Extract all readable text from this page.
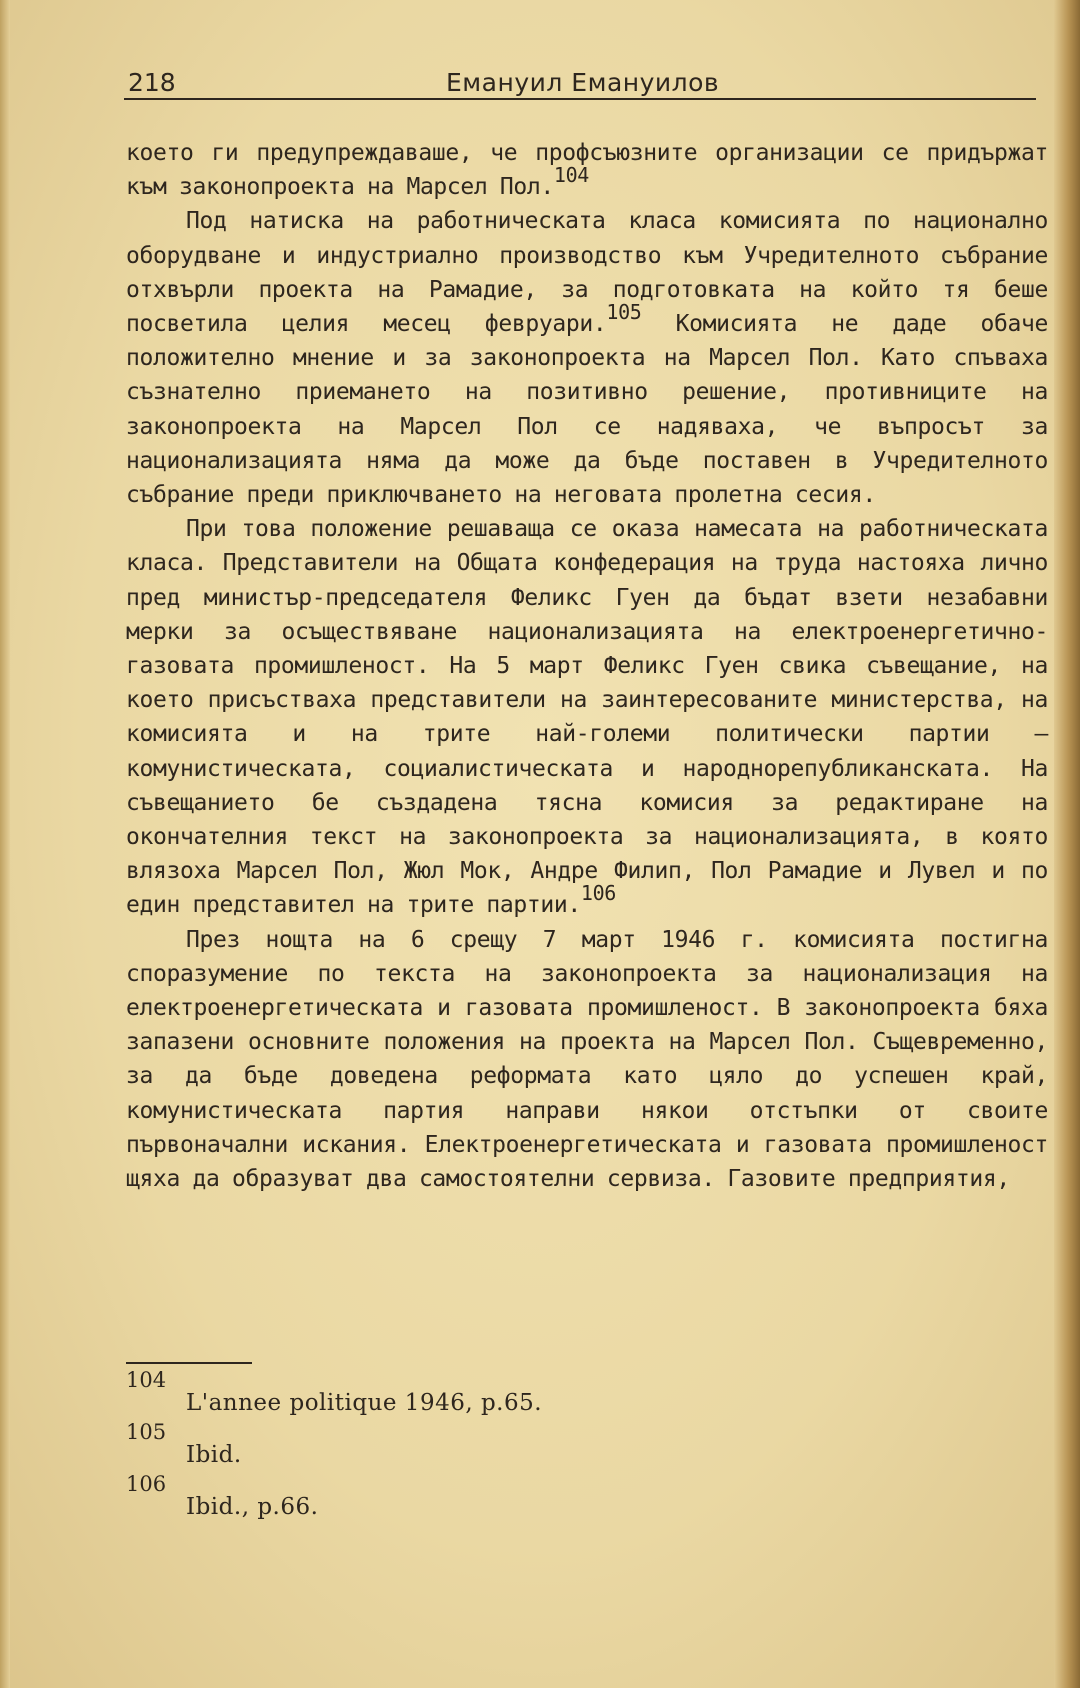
218	Емануил Емануилов

което ги предупреждаваше, че профсъюзните организации се придържат към законопроекта на Марсел Пол.$^{104}$

Под натиска на работническата класа комисията по национално оборудване и индустриално производство към Учредителното събрание отхвърли проекта на Рамадие, за подготовката на който тя беше посветила целия месец февруари.$^{105}$ Комисията не даде обаче положително мнение и за законопроекта на Марсел Пол. Като спъваха съзнателно приемането на позитивно решение, противниците на законопроекта на Марсел Пол се надяваха, че въпросът за национализацията няма да може да бъде поставен в Учредителното събрание преди приключването на неговата пролетна сесия.

При това положение решаваща се оказа намесата на работническата класа. Представители на Общата конфедерация на труда настояха лично пред министър-председателя Феликс Гуен да бъдат взети незабавни мерки за осъществяване национализацията на електроенергетично-газовата промишленост. На 5 март Феликс Гуен свика съвещание, на което присъстваха представители на заинтересованите министерства, на комисията и на трите най-големи политически партии – комунистическата, социалистическата и народнорепубликанската. На съвещанието бе създадена тясна комисия за редактиране на окончателния текст на законопроекта за национализацията, в която влязоха Марсел Пол, Жюл Мок, Андре Филип, Пол Рамадие и Лувел и по един представител на трите партии.$^{106}$

През нощта на 6 срещу 7 март 1946 г. комисията постигна споразумение по текста на законопроекта за национализация на електроенергетическата и газовата промишленост. В законопроекта бяха запазени основните положения на проекта на Марсел Пол. Същевременно, за да бъде доведена реформата като цяло до успешен край, комунистическата партия направи някои отстъпки от своите първоначални искания. Електроенергетическата и газовата промишленост щяха да образуват два самостоятелни сервиза. Газовите предприятия,

104
L'annee politique 1946, p.65.
105
Ibid.
106
Ibid., p.66.
